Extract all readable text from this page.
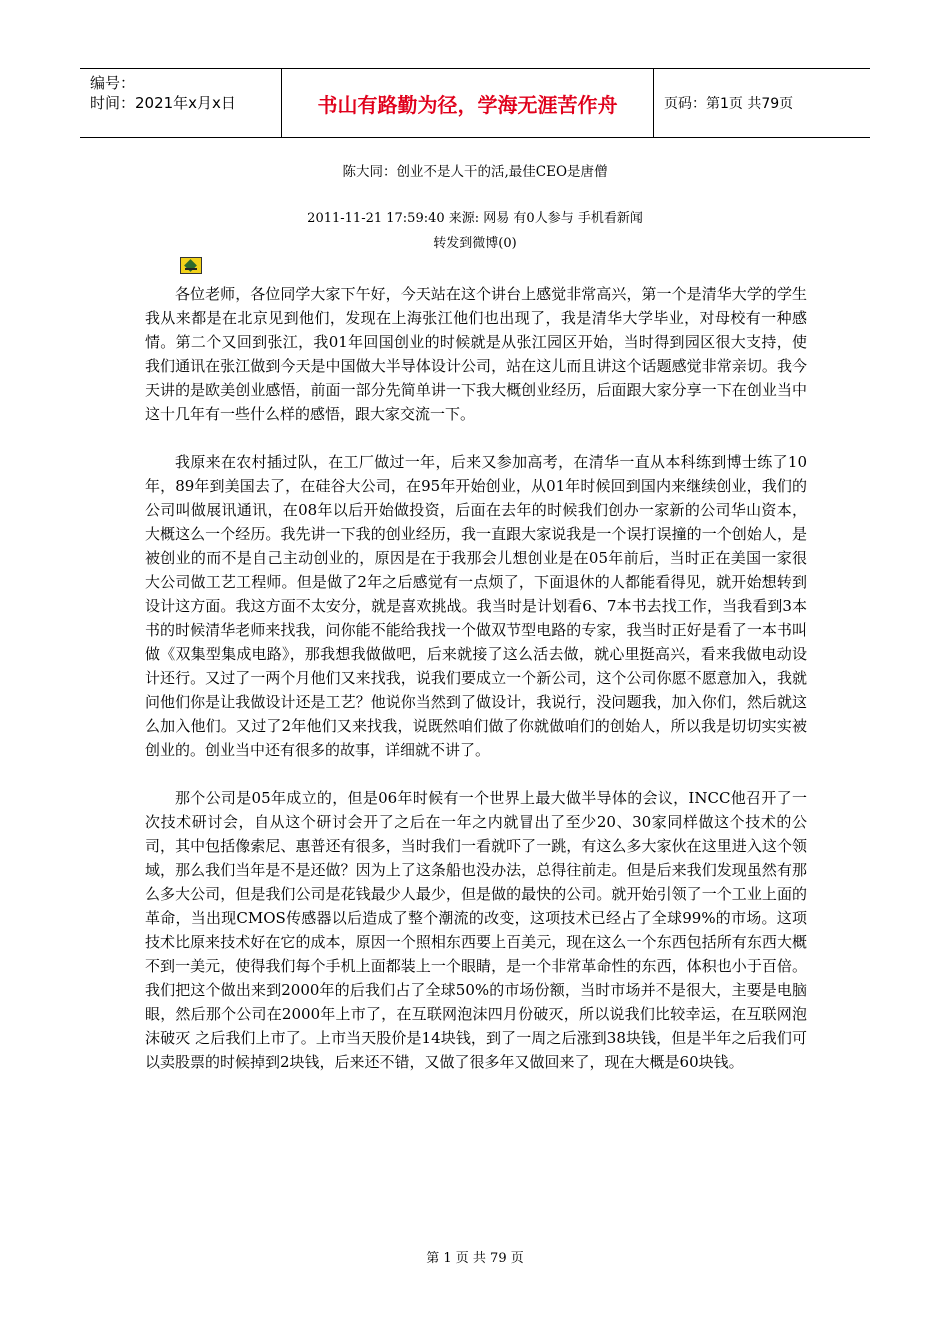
编号：
时间：2021年x月x日	书山有路勤为径，学海无涯苦作舟	页码：第1页 共79页
陈大同：创业不是人干的活,最佳CEO是唐僧
2011-11-21 17:59:40 来源: 网易 有0人参与 手机看新闻
转发到微博(0)

各位老师，各位同学大家下午好，今天站在这个讲台上感觉非常高兴，第一个是清华大学的学生我从来都是在北京见到他们，发现在上海张江他们也出现了，我是清华大学毕业，对母校有一种感情。第二个又回到张江，我01年回国创业的时候就是从张江园区开始，当时得到园区很大支持，使我们通讯在张江做到今天是中国做大半导体设计公司，站在这儿而且讲这个话题感觉非常亲切。我今天讲的是欧美创业感悟，前面一部分先简单讲一下我大概创业经历，后面跟大家分享一下在创业当中这十几年有一些什么样的感悟，跟大家交流一下。

我原来在农村插过队，在工厂做过一年，后来又参加高考，在清华一直从本科练到博士练了10年，89年到美国去了，在硅谷大公司，在95年开始创业，从01年时候回到国内来继续创业，我们的公司叫做展讯通讯，在08年以后开始做投资，后面在去年的时候我们创办一家新的公司华山资本，大概这么一个经历。我先讲一下我的创业经历，我一直跟大家说我是一个误打误撞的一个创始人，是被创业的而不是自己主动创业的，原因是在于我那会儿想创业是在05年前后，当时正在美国一家很大公司做工艺工程师。但是做了2年之后感觉有一点烦了，下面退休的人都能看得见，就开始想转到设计这方面。我这方面不太安分，就是喜欢挑战。我当时是计划看6、7本书去找工作，当我看到3本书的时候清华老师来找我，问你能不能给我找一个做双节型电路的专家，我当时正好是看了一本书叫做《双集型集成电路》，那我想我做做吧，后来就接了这么活去做，就心里挺高兴，看来我做电动设计还行。又过了一两个月他们又来找我，说我们要成立一个新公司，这个公司你愿不愿意加入，我就问他们你是让我做设计还是工艺？他说你当然到了做设计，我说行，没问题我，加入你们，然后就这么加入他们。又过了2年他们又来找我，说既然咱们做了你就做咱们的创始人，所以我是切切实实被创业的。创业当中还有很多的故事，详细就不讲了。

那个公司是05年成立的，但是06年时候有一个世界上最大做半导体的会议，INCC他召开了一次技术研讨会，自从这个研讨会开了之后在一年之内就冒出了至少20、30家同样做这个技术的公司，其中包括像索尼、惠普还有很多，当时我们一看就吓了一跳，有这么多大家伙在这里进入这个领域，那么我们当年是不是还做？因为上了这条船也没办法，总得往前走。但是后来我们发现虽然有那么多大公司，但是我们公司是花钱最少人最少，但是做的最快的公司。就开始引领了一个工业上面的革命，当出现CMOS传感器以后造成了整个潮流的改变，这项技术已经占了全球99%的市场。这项技术比原来技术好在它的成本，原因一个照相东西要上百美元，现在这么一个东西包括所有东西大概不到一美元，使得我们每个手机上面都装上一个眼睛，是一个非常革命性的东西，体积也小于百倍。我们把这个做出来到2000年的后我们占了全球50%的市场份额，当时市场并不是很大，主要是电脑眼，然后那个公司在2000年上市了，在互联网泡沫四月份破灭，所以说我们比较幸运，在互联网泡沫破灭 之后我们上市了。上市当天股价是14块钱，到了一周之后涨到38块钱，但是半年之后我们可以卖股票的时候掉到2块钱，后来还不错，又做了很多年又做回来了，现在大概是60块钱。

第 1 页 共 79 页
